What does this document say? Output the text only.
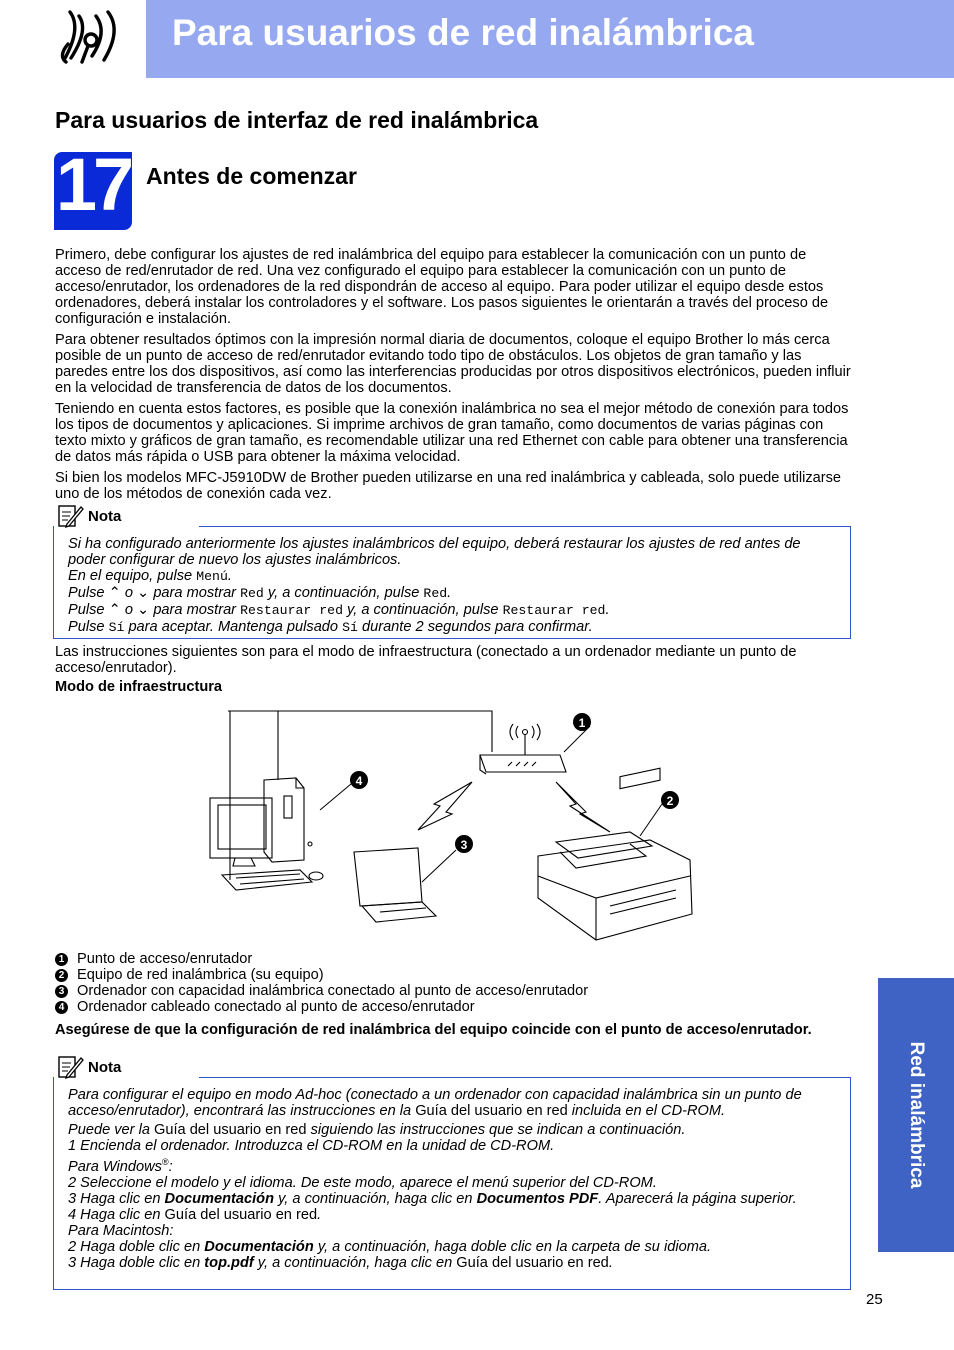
Para usuarios de red inalámbrica
Para usuarios de interfaz de red inalámbrica
17 Antes de comenzar
Primero, debe configurar los ajustes de red inalámbrica del equipo para establecer la comunicación con un punto de acceso de red/enrutador de red. Una vez configurado el equipo para establecer la comunicación con un punto de acceso/enrutador, los ordenadores de la red dispondrán de acceso al equipo. Para poder utilizar el equipo desde estos ordenadores, deberá instalar los controladores y el software. Los pasos siguientes le orientarán a través del proceso de configuración e instalación.
Para obtener resultados óptimos con la impresión normal diaria de documentos, coloque el equipo Brother lo más cerca posible de un punto de acceso de red/enrutador evitando todo tipo de obstáculos. Los objetos de gran tamaño y las paredes entre los dos dispositivos, así como las interferencias producidas por otros dispositivos electrónicos, pueden influir en la velocidad de transferencia de datos de los documentos.
Teniendo en cuenta estos factores, es posible que la conexión inalámbrica no sea el mejor método de conexión para todos los tipos de documentos y aplicaciones. Si imprime archivos de gran tamaño, como documentos de varias páginas con texto mixto y gráficos de gran tamaño, es recomendable utilizar una red Ethernet con cable para obtener una transferencia de datos más rápida o USB para obtener la máxima velocidad.
Si bien los modelos MFC-J5910DW de Brother pueden utilizarse en una red inalámbrica y cableada, solo puede utilizarse uno de los métodos de conexión cada vez.
Nota
Si ha configurado anteriormente los ajustes inalámbricos del equipo, deberá restaurar los ajustes de red antes de poder configurar de nuevo los ajustes inalámbricos.
En el equipo, pulse Menú.
Pulse ⌃ o ⌄ para mostrar Red y, a continuación, pulse Red.
Pulse ⌃ o ⌄ para mostrar Restaurar red y, a continuación, pulse Restaurar red.
Pulse Sí para aceptar. Mantenga pulsado Sí durante 2 segundos para confirmar.
Las instrucciones siguientes son para el modo de infraestructura (conectado a un ordenador mediante un punto de acceso/enrutador).
Modo de infraestructura
1
2
3
4
1 Punto de acceso/enrutador
2 Equipo de red inalámbrica (su equipo)
3 Ordenador con capacidad inalámbrica conectado al punto de acceso/enrutador
4 Ordenador cableado conectado al punto de acceso/enrutador
Asegúrese de que la configuración de red inalámbrica del equipo coincide con el punto de acceso/enrutador.
Nota
Para configurar el equipo en modo Ad-hoc (conectado a un ordenador con capacidad inalámbrica sin un punto de acceso/enrutador), encontrará las instrucciones en la Guía del usuario en red incluida en el CD-ROM.
Puede ver la Guía del usuario en red siguiendo las instrucciones que se indican a continuación.
1 Encienda el ordenador. Introduzca el CD-ROM en la unidad de CD-ROM.
Para Windows®:
2 Seleccione el modelo y el idioma. De este modo, aparece el menú superior del CD-ROM.
3 Haga clic en Documentación y, a continuación, haga clic en Documentos PDF. Aparecerá la página superior.
4 Haga clic en Guía del usuario en red.
Para Macintosh:
2 Haga doble clic en Documentación y, a continuación, haga doble clic en la carpeta de su idioma.
3 Haga doble clic en top.pdf y, a continuación, haga clic en Guía del usuario en red.
Red inalámbrica
25
